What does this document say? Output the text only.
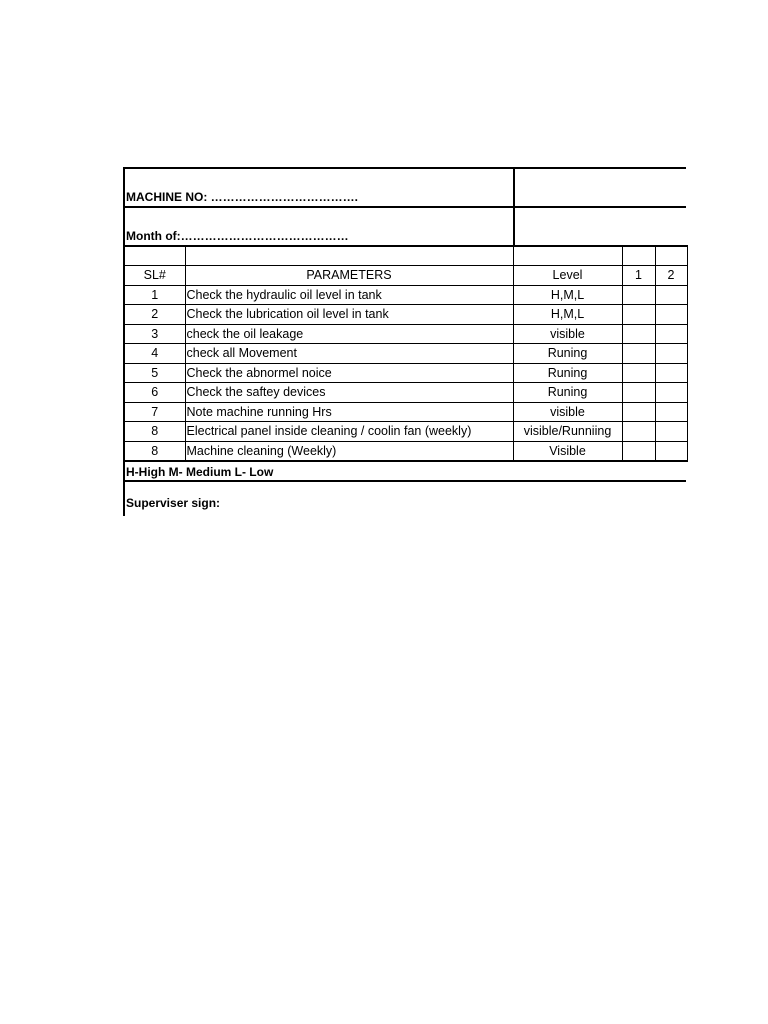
MACHINE NO: ……………………………….
Month of:……………………………………

SL#	PARAMETERS	Level	1	2
1	Check the hydraulic oil level in tank	H,M,L		
2	Check the lubrication oil level in tank	H,M,L		
3	check the oil leakage	visible		
4	check all Movement	Runing		
5	Check the abnormel noice	Runing		
6	Check the saftey devices	Runing		
7	Note machine running Hrs	visible		
8	Electrical panel inside cleaning / coolin fan (weekly)	visible/Runniing		
8	Machine cleaning (Weekly)	Visible		
H-High M- Medium L- Low
Superviser sign:
